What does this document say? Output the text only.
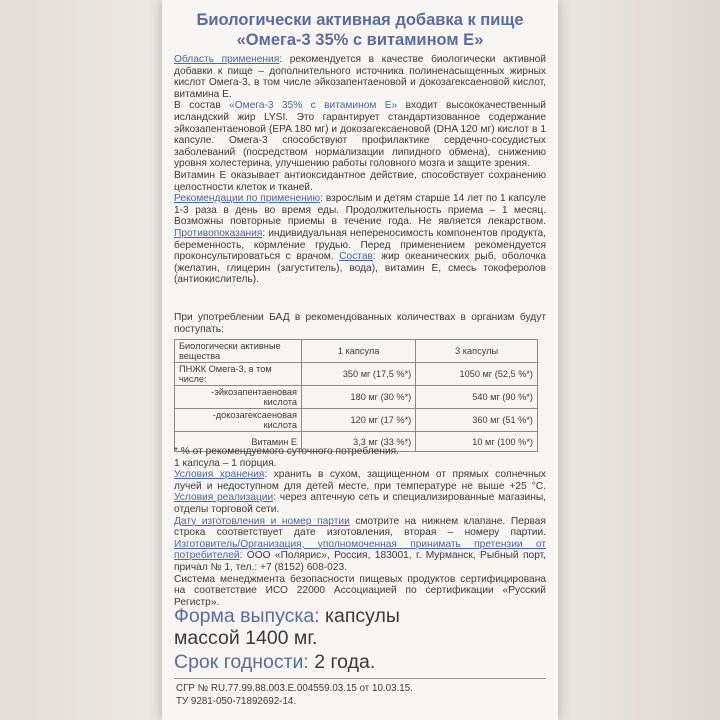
Биологически активная добавка к пище «Омега-3 35% с витамином Е»
Область применения: рекомендуется в качестве биологически активной добавки к пище – дополнительного источника полиненасыщенных жирных кислот Омега-3, в том числе эйкозапентаеновой и докозагексаеновой кислот, витамина Е.
В состав «Омега-3 35% с витамином Е» входит высококачественный исландский жир LYSI. Это гарантирует стандартизованное содержание эйкозапентаеновой (EPA 180 мг) и докозагексаеновой (DHA 120 мг) кислот в 1 капсуле. Омега-3 способствуют профилактике сердечно-сосудистых заболеваний (посредством нормализации липидного обмена), снижению уровня холестерина, улучшению работы головного мозга и защите зрения.
Витамин Е оказывает антиоксидантное действие, способствует сохранению целостности клеток и тканей.
Рекомендации по применению: взрослым и детям старше 14 лет по 1 капсуле 1-3 раза в день во время еды. Продолжительность приема – 1 месяц. Возможны повторные приемы в течение года. Не является лекарством. Противопоказания: индивидуальная непереносимость компонентов продукта, беременность, кормление грудью. Перед применением рекомендуется проконсультироваться с врачом. Состав: жир океанических рыб, оболочка (желатин, глицерин (загуститель), вода), витамин Е, смесь токоферолов (антиокислитель).
При употреблении БАД в рекомендованных количествах в организм будут поступать:
Биологически активные вещества	1 капсула	3 капсулы
ПНЖК Омега-3, в том числе:	350 мг (17,5 %*)	1050 мг (52,5 %*)
-эйкозапентаеновая кислота	180 мг (30 %*)	540 мг (90 %*)
-докозагексаеновая кислота	120 мг (17 %*)	360 мг (51 %*)
Витамин Е	3,3 мг (33 %*)	10 мг (100 %*)
* % от рекомендуемого суточного потребления.
1 капсула – 1 порция.
Условия хранения: хранить в сухом, защищенном от прямых солнечных лучей и недоступном для детей месте, при температуре не выше +25 °С. Условия реализации: через аптечную сеть и специализированные магазины, отделы торговой сети.
Дату изготовления и номер партии смотрите на нижнем клапане. Первая строка соответствует дате изготовления, вторая – номеру партии. Изготовитель/Организация, уполномоченная принимать претензии от потребителей: ООО «Полярис», Россия, 183001, г. Мурманск, Рыбный порт, причал № 1, тел.: +7 (8152) 608-023.
Система менеджмента безопасности пищевых продуктов сертифицирована на соответствие ИСО 22000 Ассоциацией по сертификации «Русский Регистр».
Форма выпуска: капсулы
массой 1400 мг.
Срок годности: 2 года.
СГР № RU.77.99.88.003.Е.004559.03.15 от 10.03.15.
ТУ 9281-050-71892692-14.
